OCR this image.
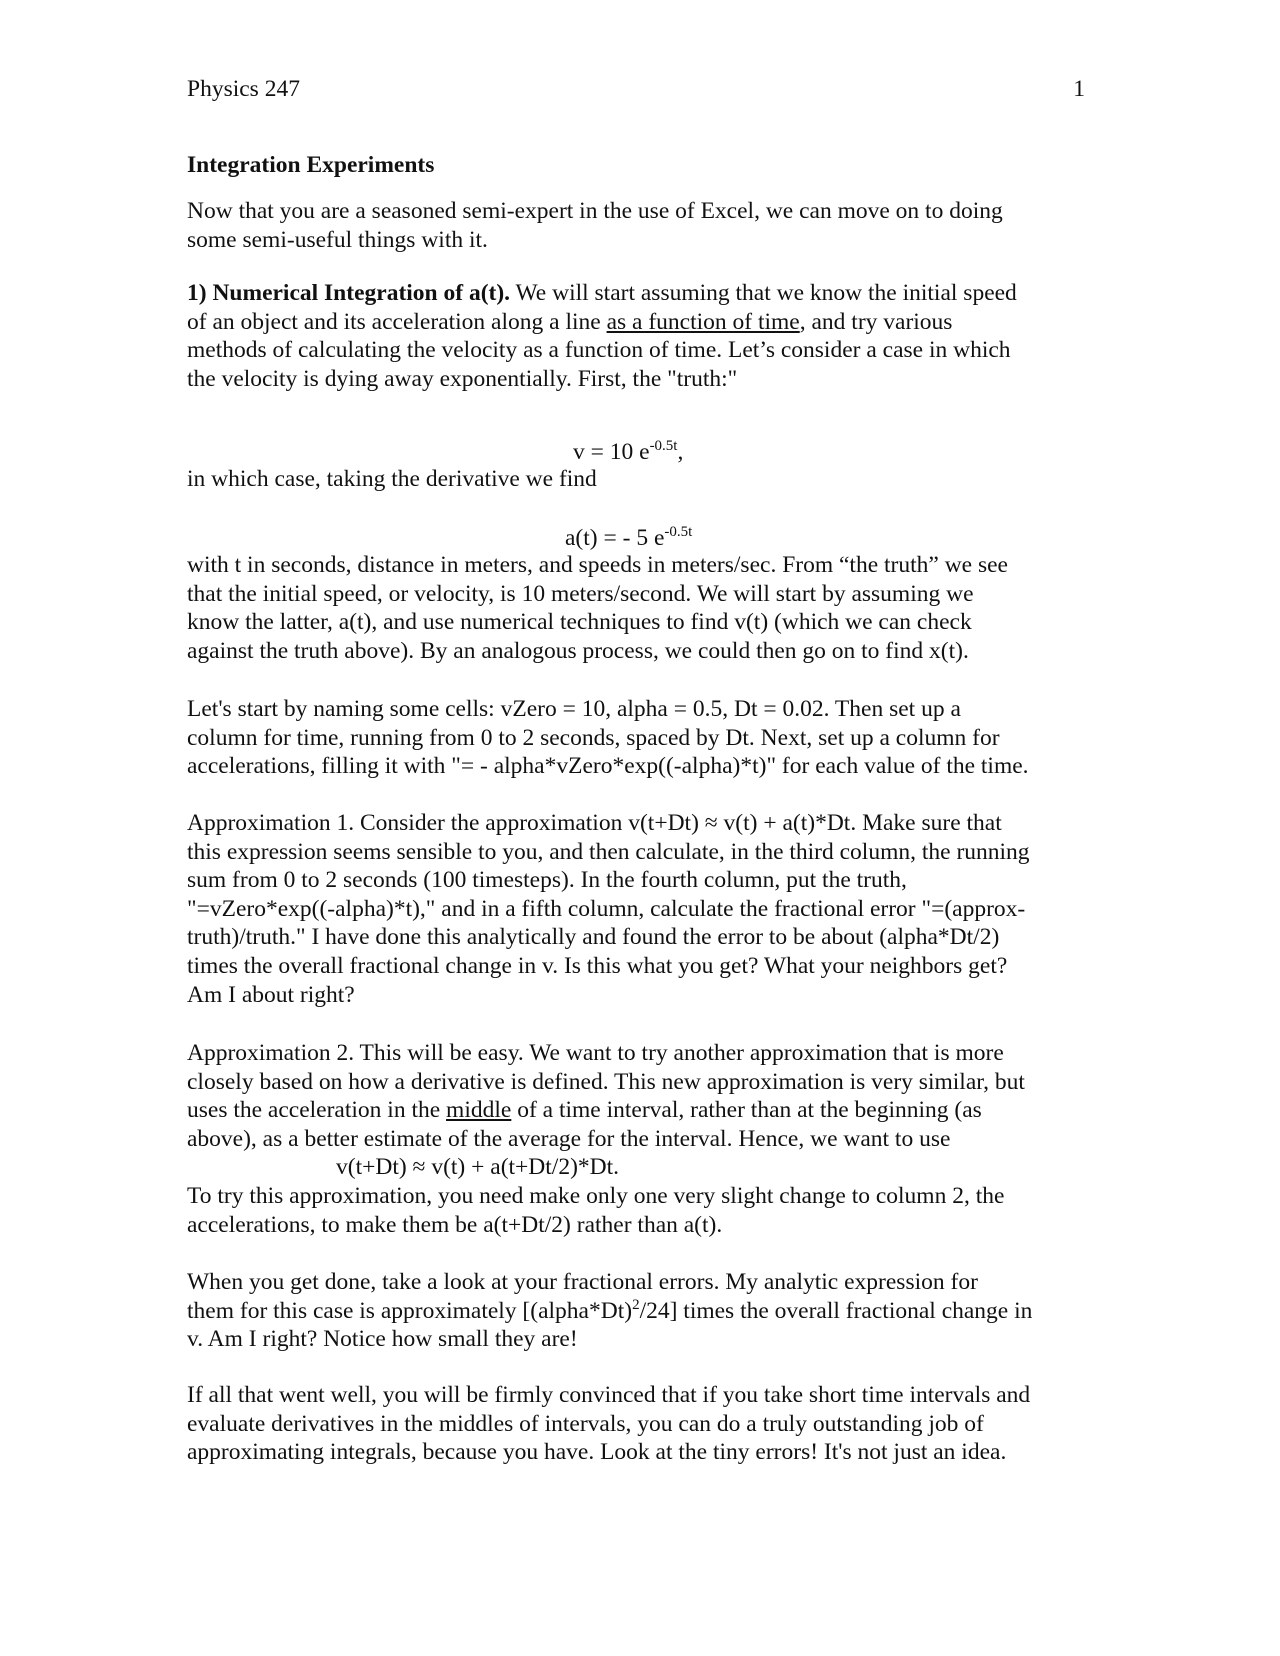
Physics 247	1
Integration Experiments

Now that you are a seasoned semi-expert in the use of Excel, we can move on to doing

some semi-useful things with it.

1) Numerical Integration of a(t). We will start assuming that we know the initial speed

of an object and its acceleration along a line as a function of time, and try various

methods of calculating the velocity as a function of time. Let’s consider a case in which

the velocity is dying away exponentially. First, the "truth:"

v = 10 $e^{-0.5t}$,

in which case, taking the derivative we find

a(t) = - 5 $e^{-0.5t}$

with t in seconds, distance in meters, and speeds in meters/sec. From “the truth” we see

that the initial speed, or velocity, is 10 meters/second. We will start by assuming we

know the latter, a(t), and use numerical techniques to find v(t) (which we can check

against the truth above). By an analogous process, we could then go on to find x(t).

Let's start by naming some cells: vZero = 10, alpha = 0.5, Dt = 0.02. Then set up a

column for time, running from 0 to 2 seconds, spaced by Dt. Next, set up a column for

accelerations, filling it with "= - alpha*vZero*exp((-alpha)*t)" for each value of the time.

Approximation 1. Consider the approximation v(t+Dt) ≈ v(t) + a(t)*Dt. Make sure that

this expression seems sensible to you, and then calculate, in the third column, the running

sum from 0 to 2 seconds (100 timesteps). In the fourth column, put the truth,

"=vZero*exp((-alpha)*t)," and in a fifth column, calculate the fractional error "=(approx-

truth)/truth." I have done this analytically and found the error to be about (alpha*Dt/2)

times the overall fractional change in v. Is this what you get? What your neighbors get?

Am I about right?

Approximation 2. This will be easy. We want to try another approximation that is more

closely based on how a derivative is defined. This new approximation is very similar, but

uses the acceleration in the middle of a time interval, rather than at the beginning (as

above), as a better estimate of the average for the interval. Hence, we want to use

v(t+Dt) ≈ v(t) + a(t+Dt/2)*Dt.

To try this approximation, you need make only one very slight change to column 2, the

accelerations, to make them be a(t+Dt/2) rather than a(t).

When you get done, take a look at your fractional errors. My analytic expression for

them for this case is approximately [(alpha*Dt)$^2$/24] times the overall fractional change in

v. Am I right? Notice how small they are!

If all that went well, you will be firmly convinced that if you take short time intervals and

evaluate derivatives in the middles of intervals, you can do a truly outstanding job of

approximating integrals, because you have. Look at the tiny errors! It's not just an idea.
